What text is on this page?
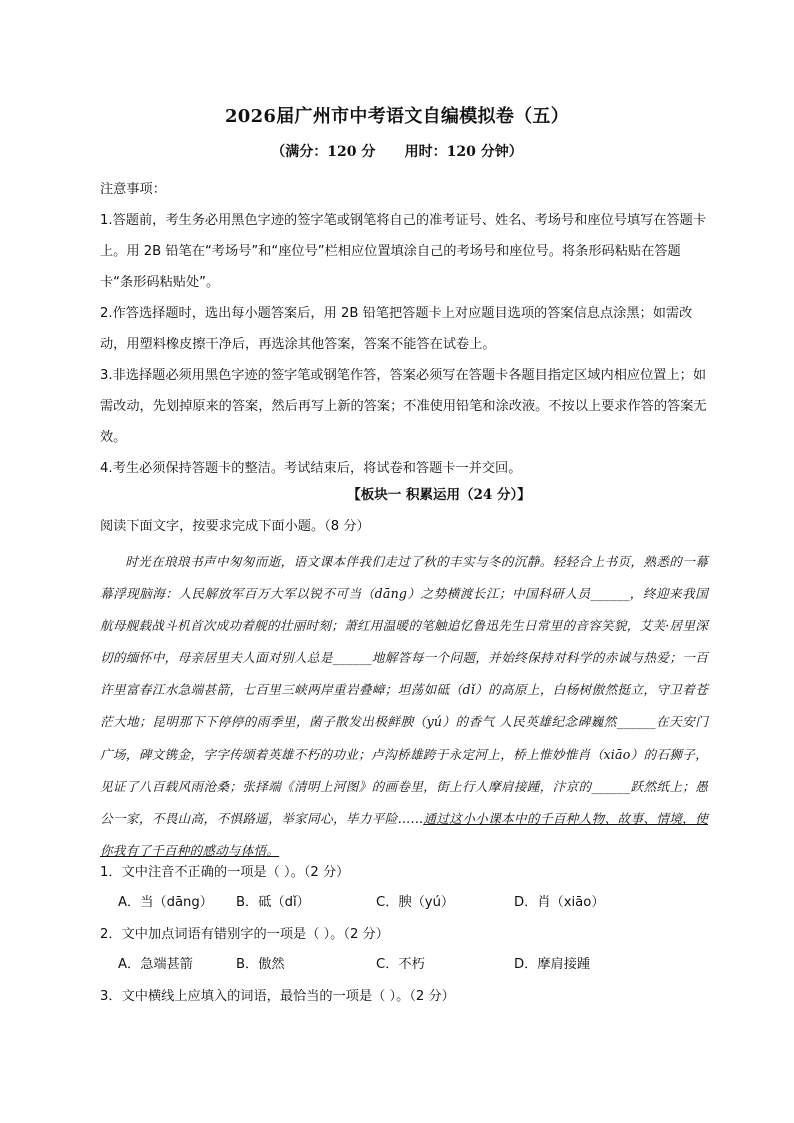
2026届广州市中考语文自编模拟卷（五）
（满分：120 分      用时：120 分钟）

注意事项：

1.答题前，考生务必用黑色字迹的签字笔或钢笔将自己的准考证号、姓名、考场号和座位号填写在答题卡上。用 2B 铅笔在“考场号”和“座位号”栏相应位置填涂自己的考场号和座位号。将条形码粘贴在答题卡“条形码粘贴处”。

2.作答选择题时，选出每小题答案后，用 2B 铅笔把答题卡上对应题目选项的答案信息点涂黑；如需改动，用塑料橡皮擦干净后，再选涂其他答案，答案不能答在试卷上。

3.非选择题必须用黑色字迹的签字笔或钢笔作答，答案必须写在答题卡各题目指定区域内相应位置上；如需改动，先划掉原来的答案，然后再写上新的答案；不准使用铅笔和涂改液。不按以上要求作答的答案无效。

4.考生必须保持答题卡的整洁。考试结束后，将试卷和答题卡一并交回。

【板块一 积累运用（24 分）】
阅读下面文字，按要求完成下面小题。（8 分）
时光在琅琅书声中匆匆而逝，语文课本伴我们走过了秋的丰实与冬的沉静。轻轻合上书页，熟悉的一幕幕浮现脑海：人民解放军百万大军以锐不可当（dāng）之势横渡长江；中国科研人员______，终迎来我国航母舰载战斗机首次成功着舰的壮丽时刻；萧红用温暖的笔触追忆鲁迅先生日常里的音容笑貌，艾芙·居里深切的缅怀中，母亲居里夫人面对别人总是______地解答每一个问题，并始终保持对科学的赤诚与热爱；一百许里富春江水急端甚箭，七百里三峡两岸重岩叠嶂；坦荡如砥（dǐ）的高原上，白杨树傲然挺立，守卫着苍茫大地；昆明那下下停停的雨季里，菌子散发出极鲜腴（yú）的香气 人民英雄纪念碑巍然______在天安门广场，碑文镌金，字字传颂着英雄不朽的功业；卢沟桥雄跨于永定河上，桥上惟妙惟肖（xiāo）的石狮子，见证了八百载风雨沧桑；张择端《清明上河图》的画卷里，街上行人摩肩接踵，汴京的______跃然纸上；愚公一家，不畏山高，不惧路遥，举家同心，毕力平险……通过这小小课本中的千百种人物、故事、情境，使你我有了千百种的感动与体悟。
1．文中注音不正确的一项是（ ）。（2 分）
A．当（dāng）	B．砥（dǐ）	C．腴（yú）	D．肖（xiāo）
2．文中加点词语有错别字的一项是（ ）。（2 分）
A．急端甚箭	B．傲然	C．不朽	D．摩肩接踵
3．文中横线上应填入的词语，最恰当的一项是（ ）。（2 分）
